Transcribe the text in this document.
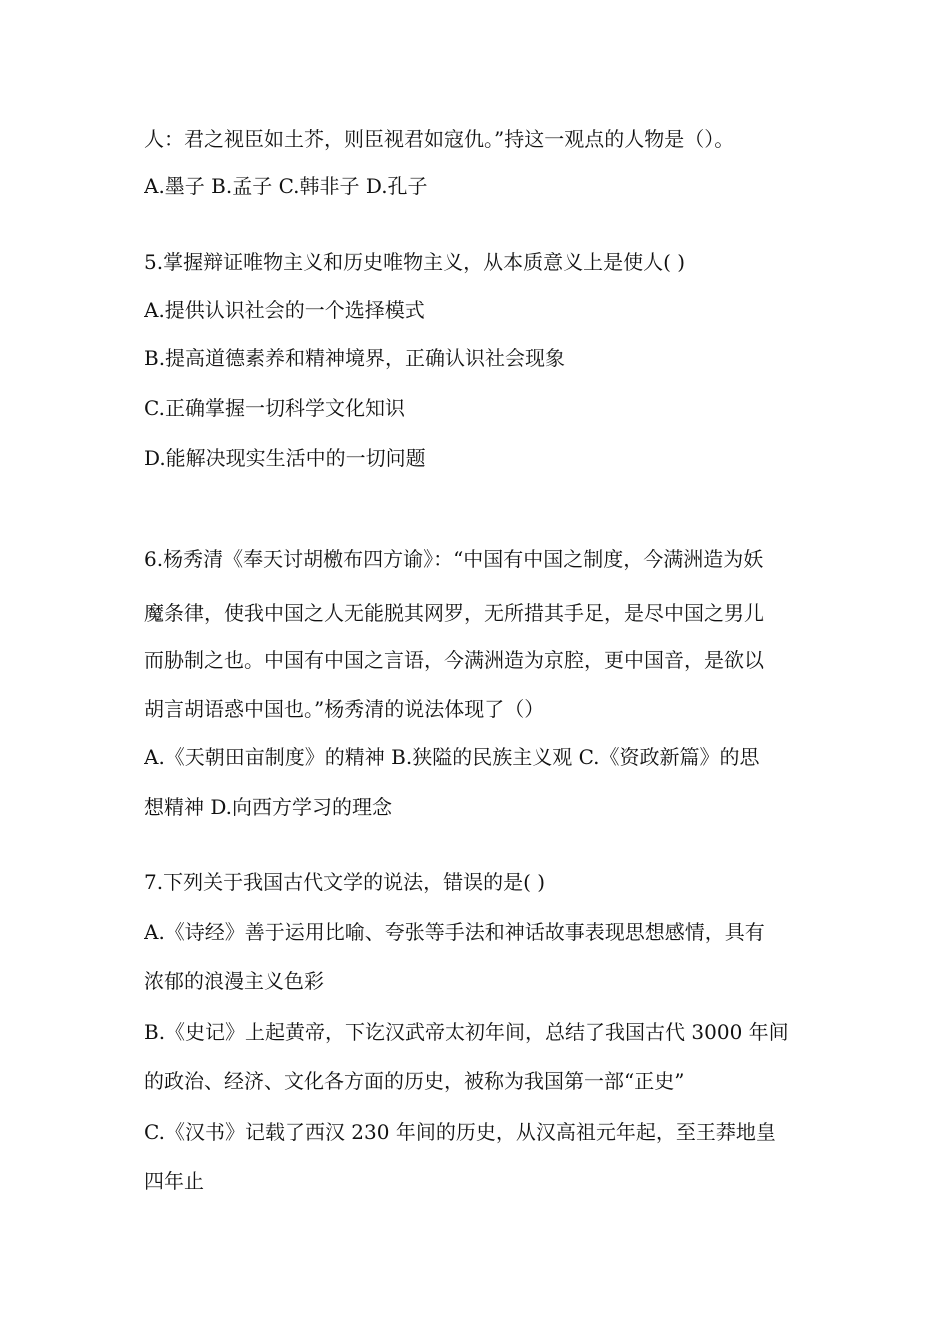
人：君之视臣如土芥，则臣视君如寇仇。”持这一观点的人物是（）。
A.墨子 B.孟子 C.韩非子 D.孔子
5.掌握辩证唯物主义和历史唯物主义，从本质意义上是使人( )
A.提供认识社会的一个选择模式
B.提高道德素养和精神境界，正确认识社会现象
C.正确掌握一切科学文化知识
D.能解决现实生活中的一切问题
6.杨秀清《奉天讨胡檄布四方谕》：“中国有中国之制度，今满洲造为妖
魔条律，使我中国之人无能脱其网罗，无所措其手足，是尽中国之男儿
而胁制之也。中国有中国之言语，今满洲造为京腔，更中国音，是欲以
胡言胡语惑中国也。”杨秀清的说法体现了（）
A.《天朝田亩制度》的精神 B.狭隘的民族主义观 C.《资政新篇》的思
想精神 D.向西方学习的理念
7.下列关于我国古代文学的说法，错误的是( )
A.《诗经》善于运用比喻、夸张等手法和神话故事表现思想感情，具有
浓郁的浪漫主义色彩
B.《史记》上起黄帝，下讫汉武帝太初年间，总结了我国古代 3000 年间
的政治、经济、文化各方面的历史，被称为我国第一部“正史”
C.《汉书》记载了西汉 230 年间的历史，从汉高祖元年起，至王莽地皇
四年止
